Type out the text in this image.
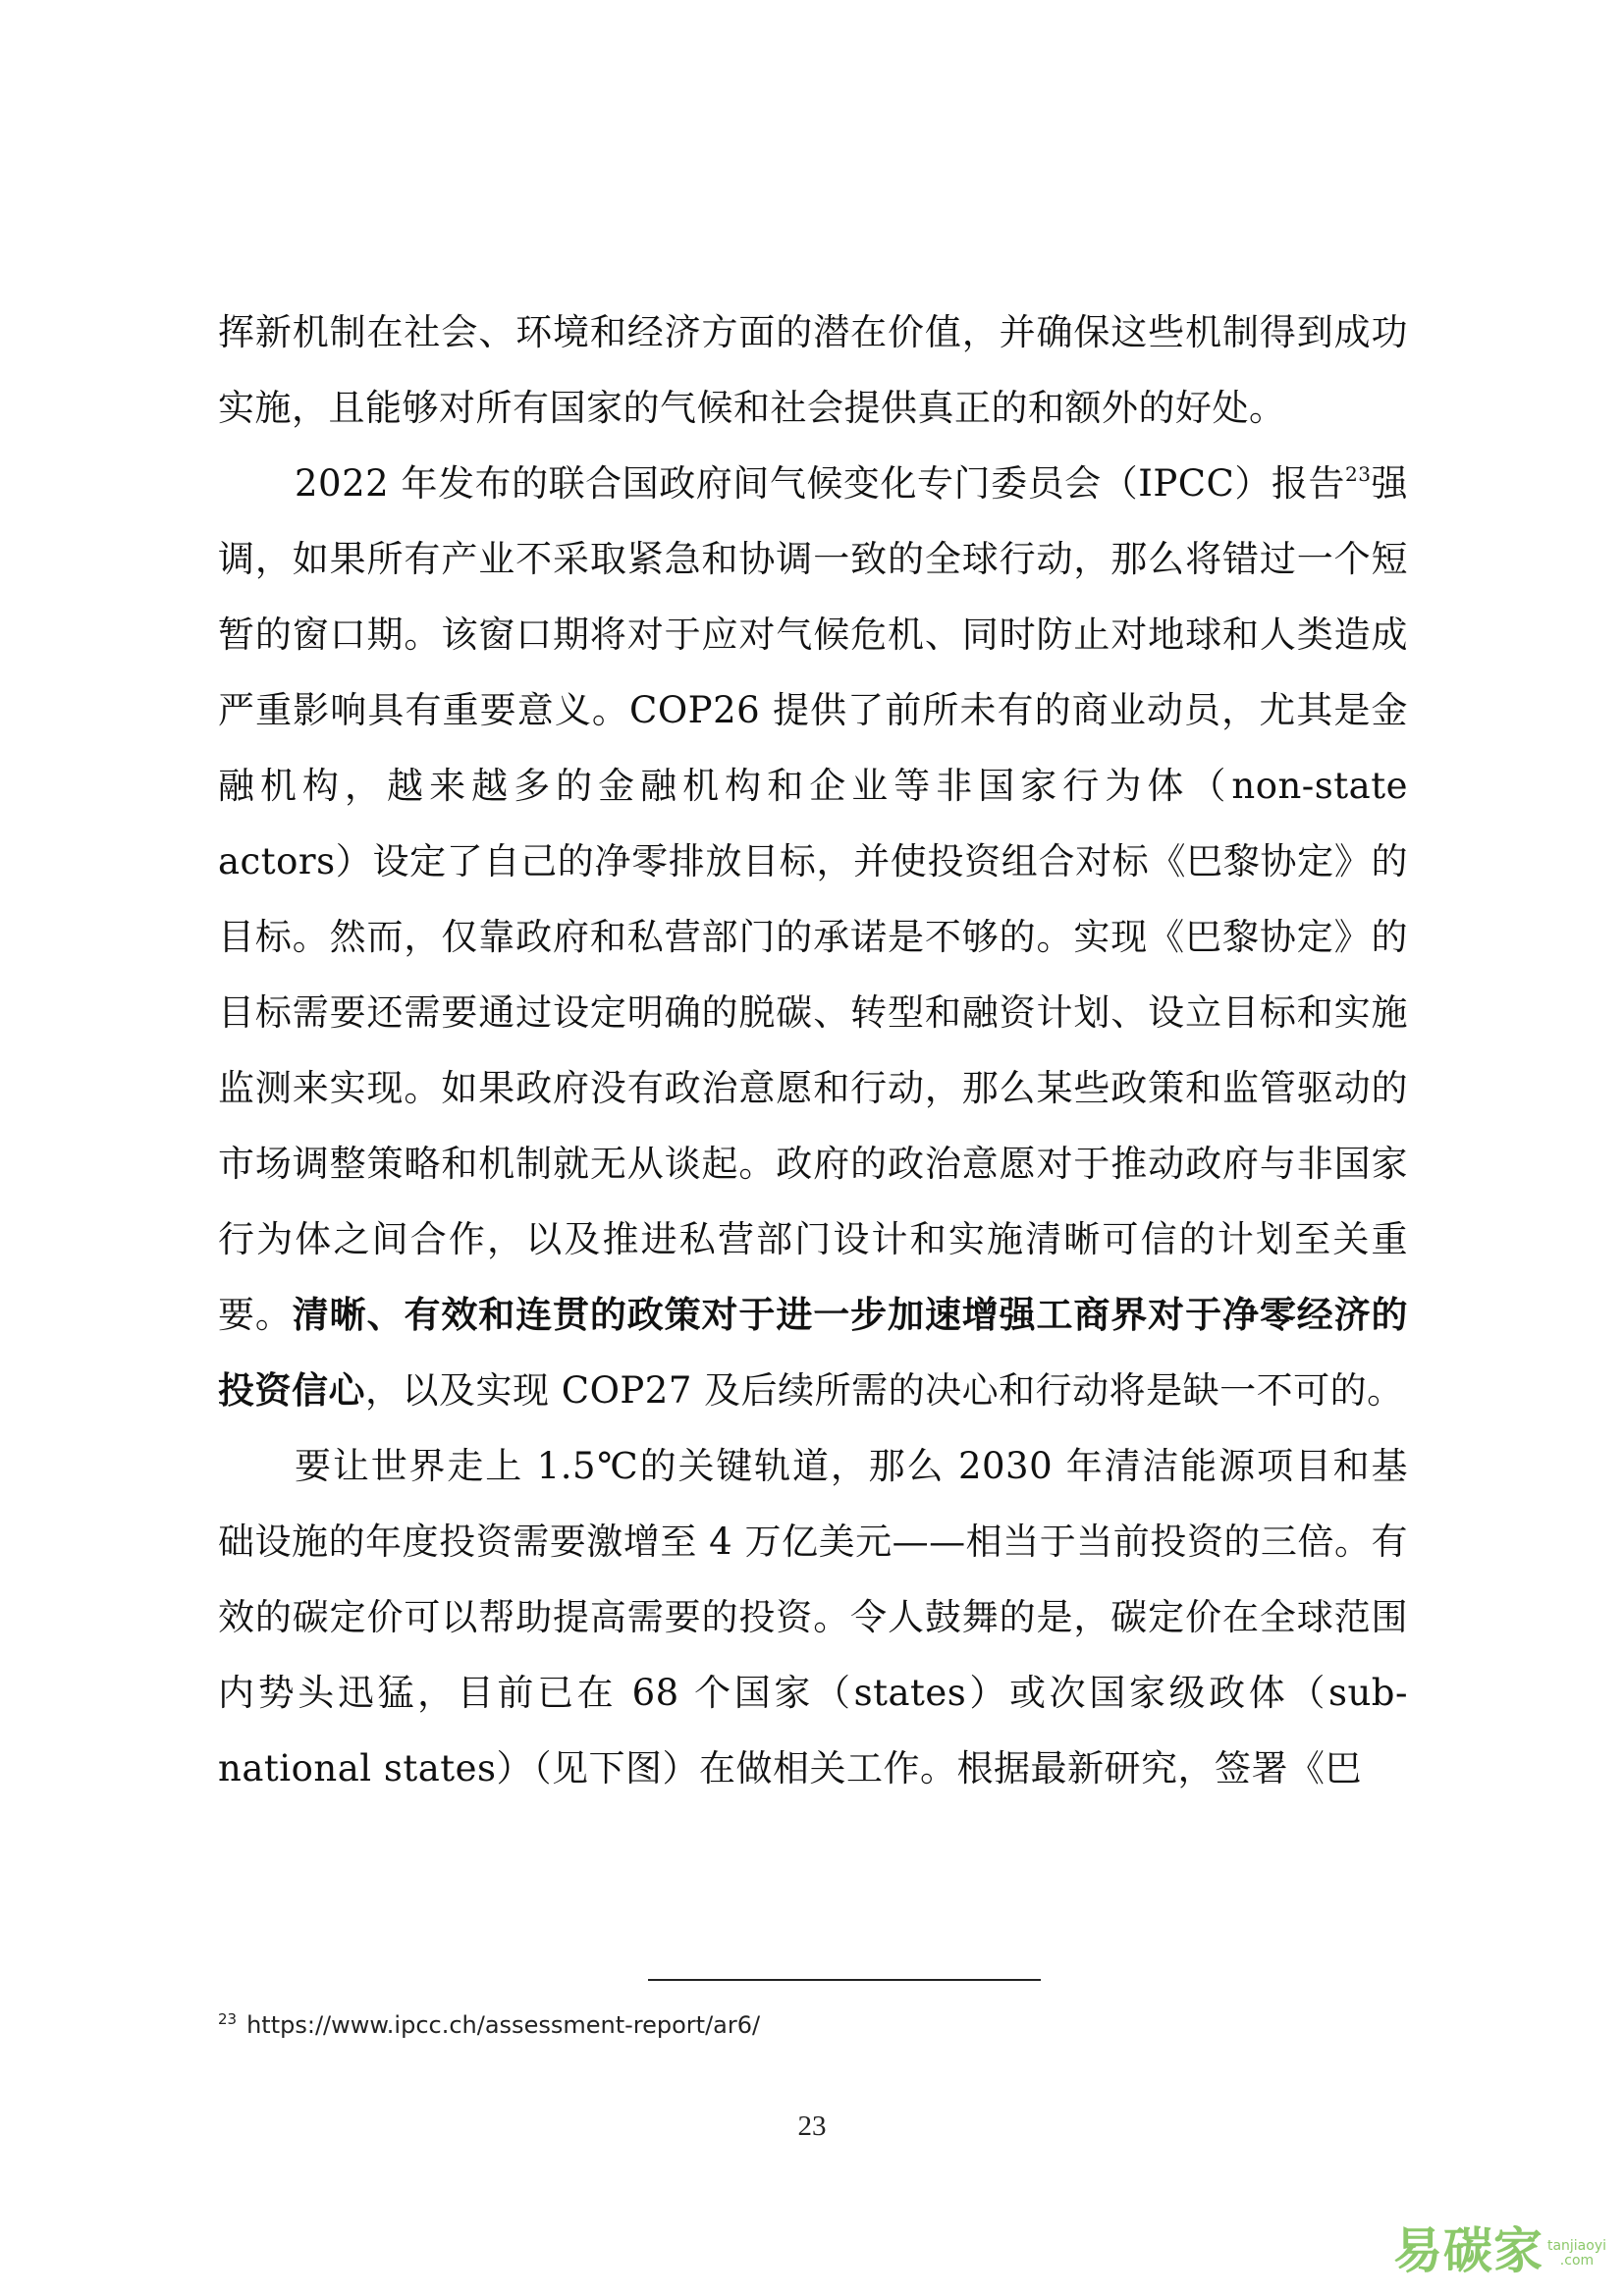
挥新机制在社会、环境和经济方面的潜在价值，并确保这些机制得到成功实施，且能够对所有国家的气候和社会提供真正的和额外的好处。

2022 年发布的联合国政府间气候变化专门委员会（IPCC）报告$^{23}$强调，如果所有产业不采取紧急和协调一致的全球行动，那么将错过一个短暂的窗口期。该窗口期将对于应对气候危机、同时防止对地球和人类造成严重影响具有重要意义。COP26 提供了前所未有的商业动员，尤其是金融机构，越来越多的金融机构和企业等非国家行为体（non-state actors）设定了自己的净零排放目标，并使投资组合对标《巴黎协定》的目标。然而，仅靠政府和私营部门的承诺是不够的。实现《巴黎协定》的目标需要还需要通过设定明确的脱碳、转型和融资计划、设立目标和实施监测来实现。如果政府没有政治意愿和行动，那么某些政策和监管驱动的市场调整策略和机制就无从谈起。政府的政治意愿对于推动政府与非国家行为体之间合作，以及推进私营部门设计和实施清晰可信的计划至关重要。清晰、有效和连贯的政策对于进一步加速增强工商界对于净零经济的投资信心，以及实现 COP27 及后续所需的决心和行动将是缺一不可的。

要让世界走上 1.5℃的关键轨道，那么 2030 年清洁能源项目和基础设施的年度投资需要激增至 4 万亿美元——相当于当前投资的三倍。有效的碳定价可以帮助提高需要的投资。令人鼓舞的是，碳定价在全球范围内势头迅猛，目前已在 68 个国家（states）或次国家级政体（sub-national states）（见下图）在做相关工作。根据最新研究，签署《巴

$^{23}$ https://www.ipcc.ch/assessment-report/ar6/
23
易碳家 tanjiaoyi
.com
